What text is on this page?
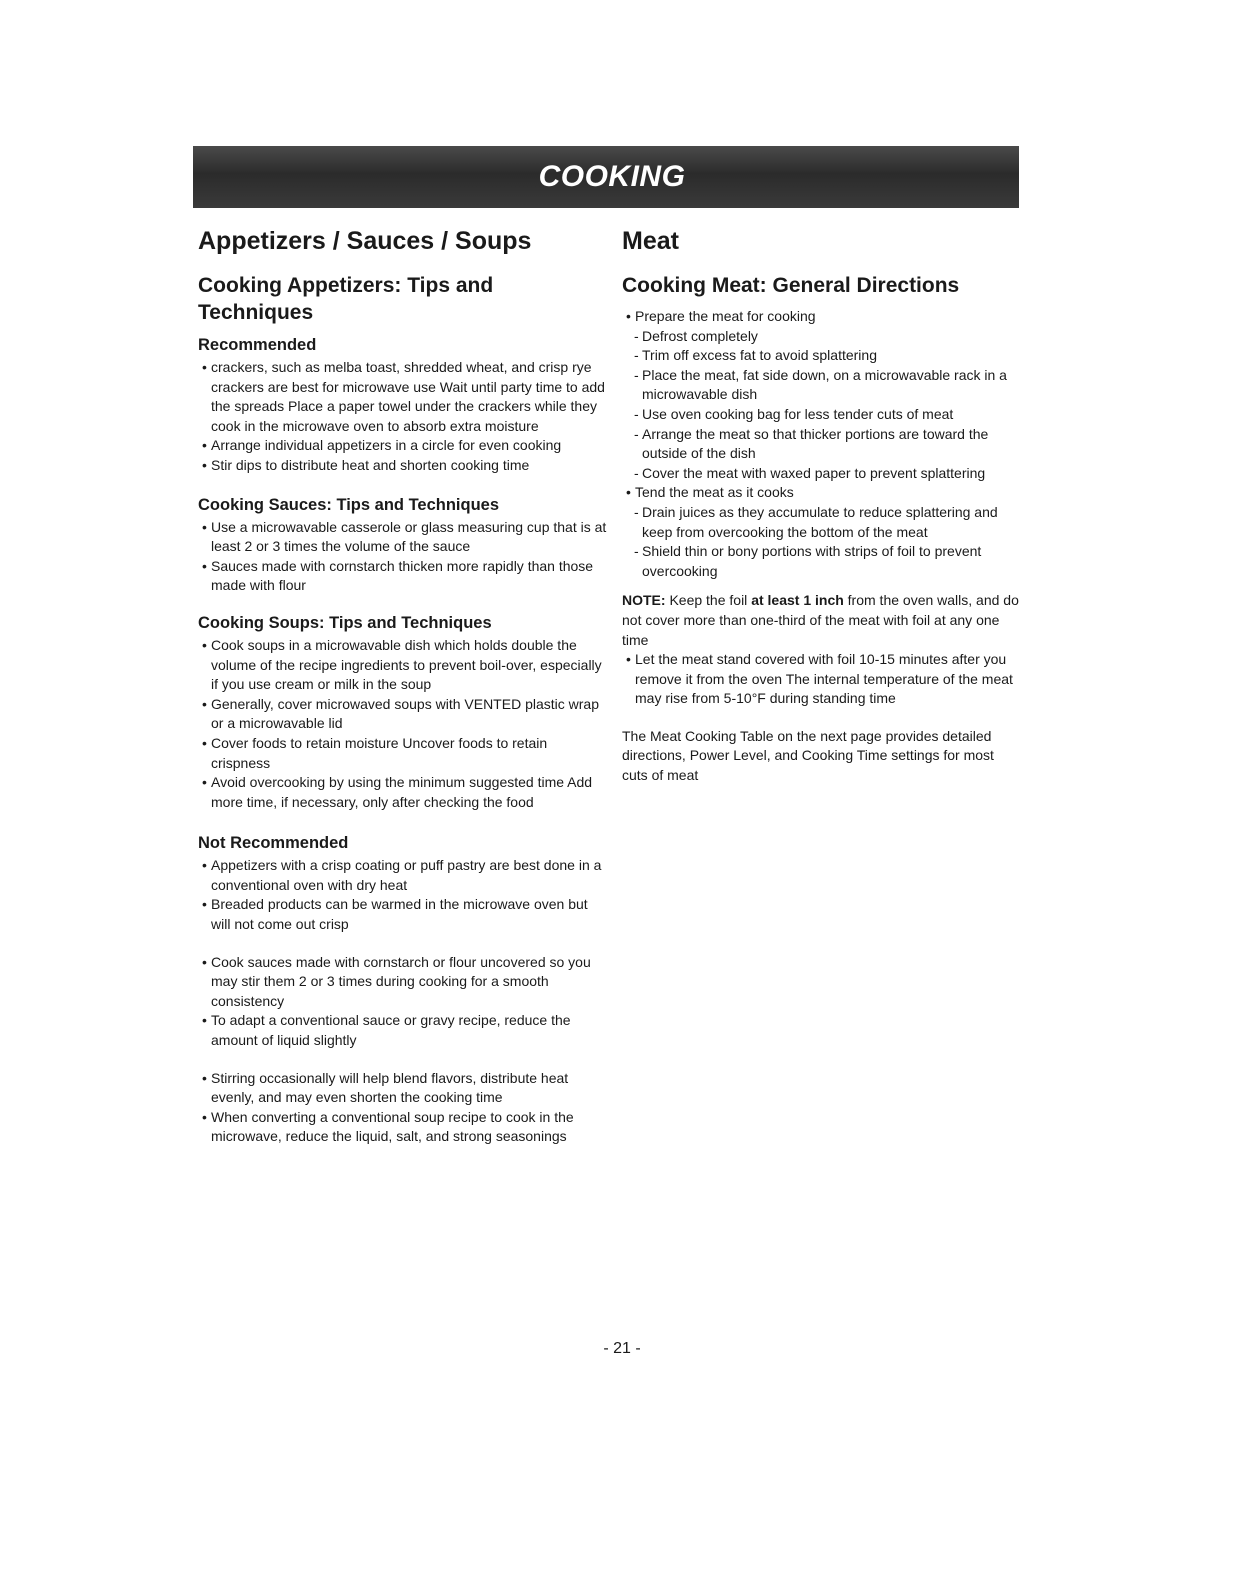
COOKING
Appetizers / Sauces / Soups
Cooking Appetizers: Tips and Techniques
Recommended
• crackers, such as melba toast, shredded wheat, and crisp rye crackers are best for microwave use Wait until party time to add the spreads Place a paper towel under the crackers while they cook in the microwave oven to absorb extra moisture
• Arrange individual appetizers in a circle for even cooking
• Stir dips to distribute heat and shorten cooking time
Cooking Sauces: Tips and Techniques
• Use a microwavable casserole or glass measuring cup that is at least 2 or 3 times the volume of the sauce
• Sauces made with cornstarch thicken more rapidly than those made with flour
Cooking Soups: Tips and Techniques
• Cook soups in a microwavable dish which holds double the volume of the recipe ingredients to prevent boil-over, especially if you use cream or milk in the soup
• Generally, cover microwaved soups with VENTED plastic wrap or a microwavable lid
• Cover foods to retain moisture Uncover foods to retain crispness
• Avoid overcooking by using the minimum suggested time Add more time, if necessary, only after checking the food
Not Recommended
• Appetizers with a crisp coating or puff pastry are best done in a conventional oven with dry heat
• Breaded products can be warmed in the microwave oven but will not come out crisp
• Cook sauces made with cornstarch or flour uncovered so you may stir them 2 or 3 times during cooking for a smooth consistency
• To adapt a conventional sauce or gravy recipe, reduce the amount of liquid slightly
• Stirring occasionally will help blend flavors, distribute heat evenly, and may even shorten the cooking time
• When converting a conventional soup recipe to cook in the microwave, reduce the liquid, salt, and strong seasonings
Meat
Cooking Meat: General Directions
• Prepare the meat for cooking
- Defrost completely
- Trim off excess fat to avoid splattering
- Place the meat, fat side down, on a microwavable rack in a microwavable dish
- Use oven cooking bag for less tender cuts of meat
- Arrange the meat so that thicker portions are toward the outside of the dish
- Cover the meat with waxed paper to prevent splattering
• Tend the meat as it cooks
- Drain juices as they accumulate to reduce splattering and keep from overcooking the bottom of the meat
- Shield thin or bony portions with strips of foil to prevent overcooking

NOTE: Keep the foil at least 1 inch from the oven walls, and do not cover more than one-third of the meat with foil at any one time

• Let the meat stand covered with foil 10-15 minutes after you remove it from the oven The internal temperature of the meat may rise from 5-10°F during standing time

The Meat Cooking Table on the next page provides detailed directions, Power Level, and Cooking Time settings for most cuts of meat

- 21 -
